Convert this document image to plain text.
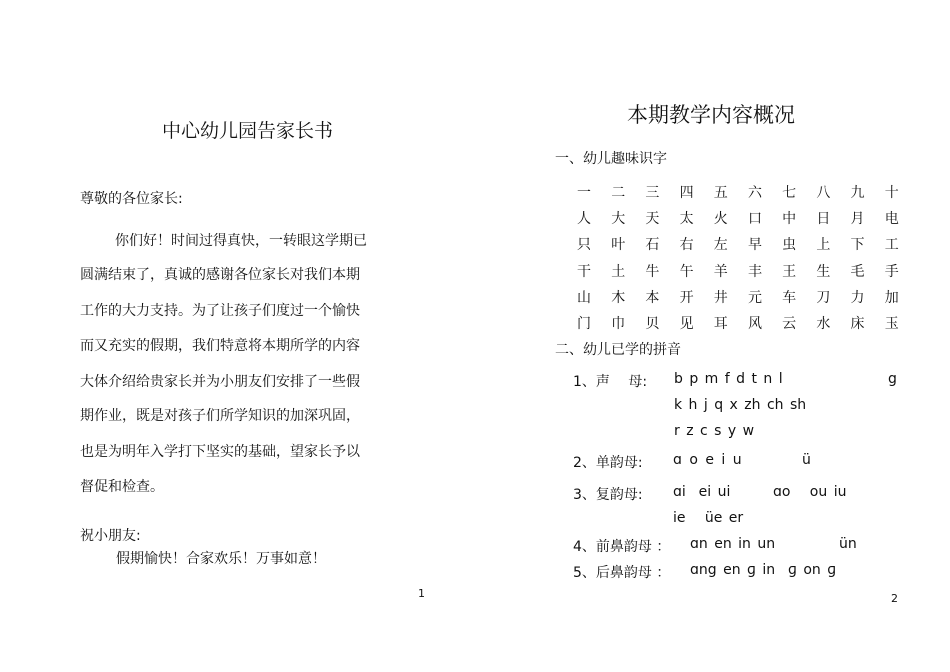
中心幼儿园告家长书
尊敬的各位家长:
你们好！时间过得真快，一转眼这学期已
圆满结束了，真诚的感谢各位家长对我们本期
工作的大力支持。为了让孩子们度过一个愉快
而又充实的假期，我们特意将本期所学的内容
大体介绍给贵家长并为小朋友们安排了一些假
期作业，既是对孩子们所学知识的加深巩固，
也是为明年入学打下坚实的基础，望家长予以
督促和检查。
祝小朋友:
假期愉快！合家欢乐！万事如意！
1
本期教学内容概况
一、幼儿趣味识字
一	二	三	四	五	六	七	八	九	十
人	大	天	太	火	口	中	日	月	电
只	叶	石	右	左	早	虫	上	下	工
干	土	牛	午	羊	丰	王	生	毛	手
山	木	本	开	井	元	车	刀	力	加
门	巾	贝	见	耳	风	云	水	床	玉
二、幼儿已学的拼音
1、声　 母: b p m f d t n l	g
k h j q x zh ch sh
r z c s y w
2、单韵母: ɑ o e i u	ü
3、复韵母: ɑi  ei ui	ɑo   ou iu
ie   üe er
4、前鼻韵母 ： ɑn en in un	ün
5、后鼻韵母 ： ɑng en ɡ in  ɡ on ɡ
2
